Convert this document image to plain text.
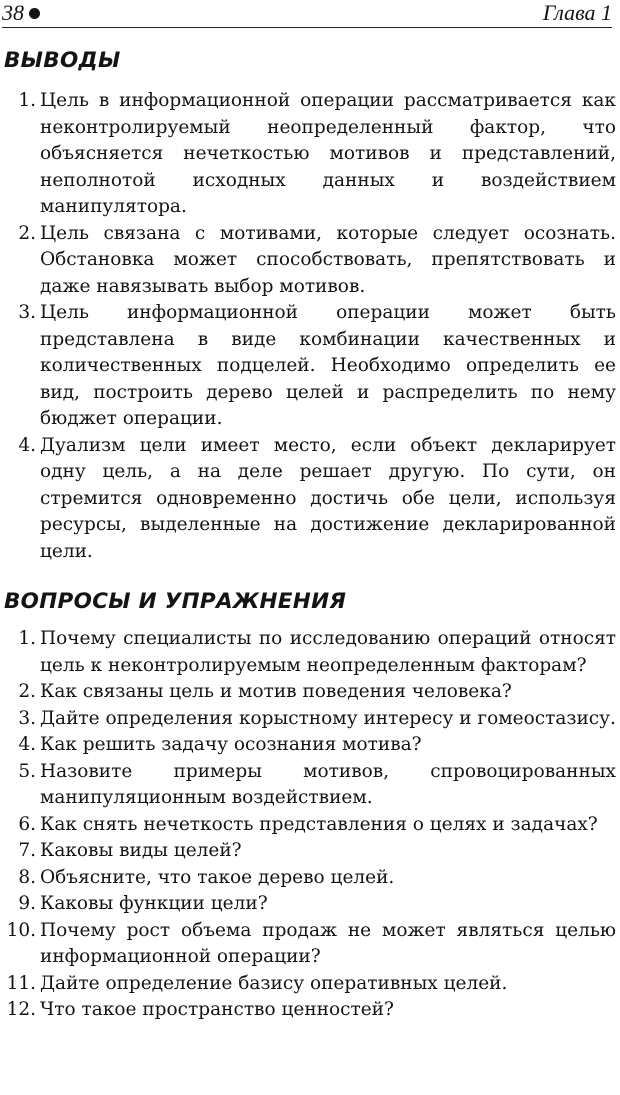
38	Глава 1
ВЫВОДЫ
1. Цель в информационной операции рассматривается как неконтролируемый неопределенный фактор, что объясняется нечеткостью мотивов и представлений, неполнотой исходных данных и воздействием манипулятора.
2. Цель связана с мотивами, которые следует осознать. Обстановка может способствовать, препятствовать и даже навязывать выбор мотивов.
3. Цель информационной операции может быть представлена в виде комбинации качественных и количественных подцелей. Необходимо определить ее вид, построить дерево целей и распределить по нему бюджет операции.
4. Дуализм цели имеет место, если объект декларирует одну цель, а на деле решает другую. По сути, он стремится одновременно достичь обе цели, используя ресурсы, выделенные на достижение декларированной цели.
ВОПРОСЫ И УПРАЖНЕНИЯ
1. Почему специалисты по исследованию операций относят цель к неконтролируемым неопределенным факторам?
2. Как связаны цель и мотив поведения человека?
3. Дайте определения корыстному интересу и гомеостазису.
4. Как решить задачу осознания мотива?
5. Назовите примеры мотивов, спровоцированных манипуляционным воздействием.
6. Как снять нечеткость представления о целях и задачах?
7. Каковы виды целей?
8. Объясните, что такое дерево целей.
9. Каковы функции цели?
10. Почему рост объема продаж не может являться целью информационной операции?
11. Дайте определение базису оперативных целей.
12. Что такое пространство ценностей?
